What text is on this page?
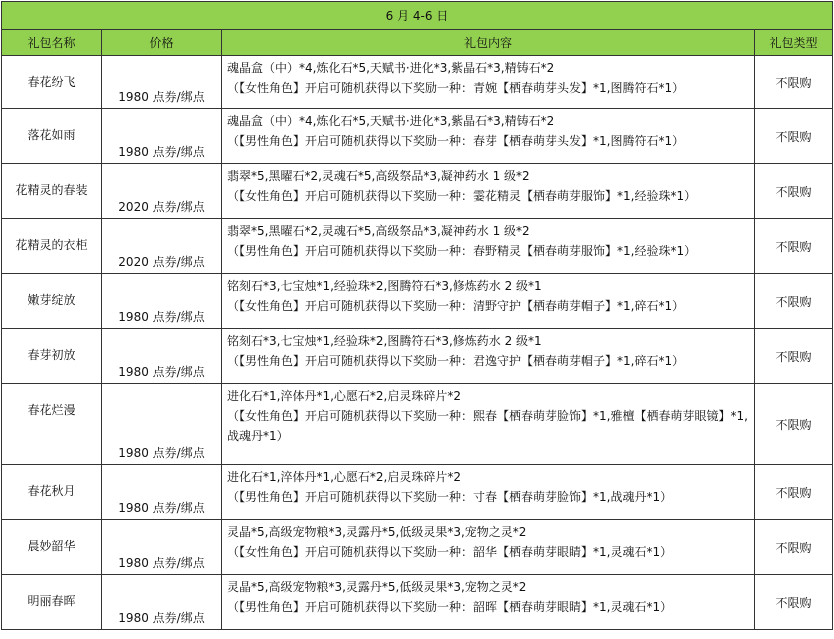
6 月 4-6 日			
礼包名称	价格	礼包内容	礼包类型
春花纷飞	1980 点券/绑点	魂晶盒（中）*4,炼化石*5,天赋书·进化*3,紫晶石*3,精铸石*2
（【女性角色】开启可随机获得以下奖励一种：青婉【栖春萌芽头发】*1,图腾符石*1）	不限购
落花如雨	1980 点券/绑点	魂晶盒（中）*4,炼化石*5,天赋书·进化*3,紫晶石*3,精铸石*2
（【男性角色】开启可随机获得以下奖励一种：春芽【栖春萌芽头发】*1,图腾符石*1）	不限购
花精灵的春装	2020 点券/绑点	翡翠*5,黑曜石*2,灵魂石*5,高级祭品*3,凝神药水 1 级*2
（【女性角色】开启可随机获得以下奖励一种：霎花精灵【栖春萌芽服饰】*1,经验珠*1）	不限购
花精灵的衣柜	2020 点券/绑点	翡翠*5,黑曜石*2,灵魂石*5,高级祭品*3,凝神药水 1 级*2
（【男性角色】开启可随机获得以下奖励一种：春野精灵【栖春萌芽服饰】*1,经验珠*1）	不限购
嫩芽绽放	1980 点券/绑点	铭刻石*3,七宝烛*1,经验珠*2,图腾符石*3,修炼药水 2 级*1
（【女性角色】开启可随机获得以下奖励一种：清野守护【栖春萌芽帽子】*1,碎石*1）	不限购
春芽初放	1980 点券/绑点	铭刻石*3,七宝烛*1,经验珠*2,图腾符石*3,修炼药水 2 级*1
（【男性角色】开启可随机获得以下奖励一种：君逸守护【栖春萌芽帽子】*1,碎石*1）	不限购
春花烂漫	1980 点券/绑点	进化石*1,淬体丹*1,心愿石*2,启灵珠碎片*2
（【女性角色】开启可随机获得以下奖励一种：熙春【栖春萌芽脸饰】*1,雅檀【栖春萌芽眼镜】*1,战魂丹*1）	不限购
春花秋月	1980 点券/绑点	进化石*1,淬体丹*1,心愿石*2,启灵珠碎片*2
（【男性角色】开启可随机获得以下奖励一种：寸春【栖春萌芽脸饰】*1,战魂丹*1）	不限购
晨妙韶华	1980 点券/绑点	灵晶*5,高级宠物粮*3,灵露丹*5,低级灵果*3,宠物之灵*2
（【女性角色】开启可随机获得以下奖励一种：韶华【栖春萌芽眼睛】*1,灵魂石*1）	不限购
明丽春晖	1980 点券/绑点	灵晶*5,高级宠物粮*3,灵露丹*5,低级灵果*3,宠物之灵*2
（【男性角色】开启可随机获得以下奖励一种：韶晖【栖春萌芽眼睛】*1,灵魂石*1）	不限购
